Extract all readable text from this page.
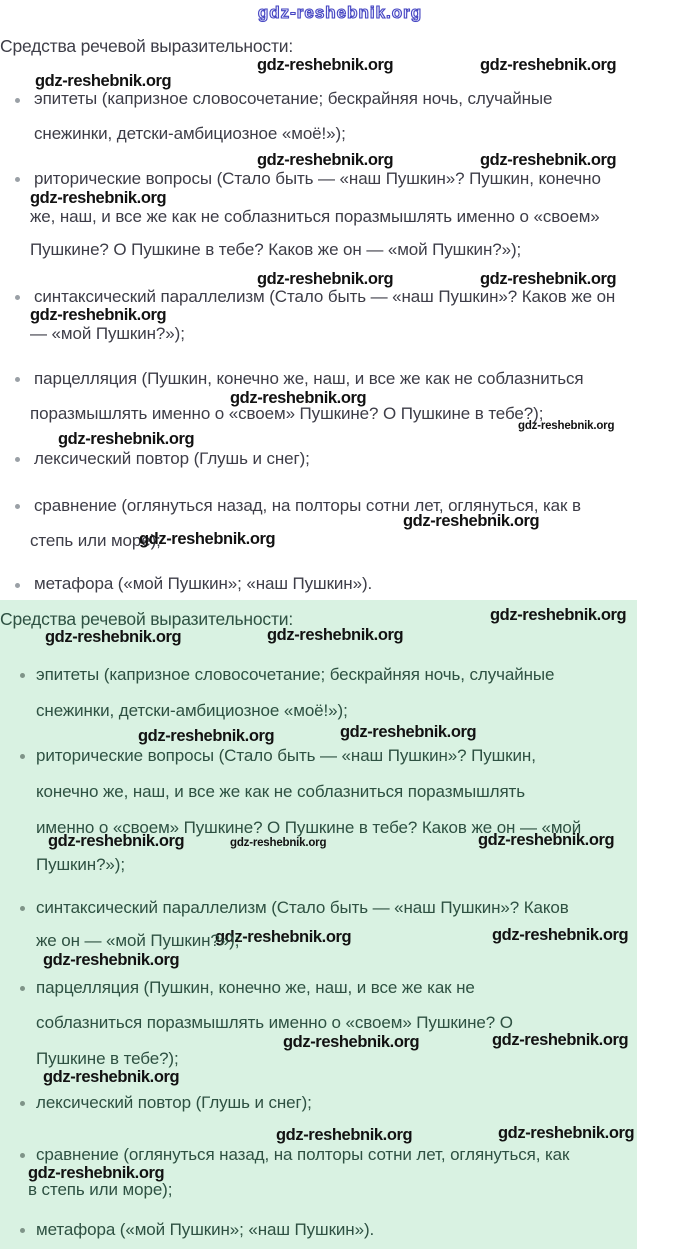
gdz-reshebnik.org
Средства речевой выразительности:
gdz-reshebnik.org	gdz-reshebnik.org
gdz-reshebnik.org
эпитеты (капризное словосочетание; бескрайняя ночь, случайные
снежинки, детски-амбициозное «моё!»);
gdz-reshebnik.org	gdz-reshebnik.org
риторические вопросы (Стало быть — «наш Пушкин»? Пушкин, конечно
gdz-reshebnik.org
же, наш, и все же как не соблазниться поразмышлять именно о «своем»
Пушкине? О Пушкине в тебе? Каков же он — «мой Пушкин?»);
gdz-reshebnik.org	gdz-reshebnik.org
синтаксический параллелизм (Стало быть — «наш Пушкин»? Каков же он
gdz-reshebnik.org
— «мой Пушкин?»);
парцелляция (Пушкин, конечно же, наш, и все же как не соблазниться
gdz-reshebnik.org
поразмышлять именно о «своем» Пушкине? О Пушкине в тебе?);
gdz-reshebnik.org
gdz-reshebnik.org
лексический повтор (Глушь и снег);
сравнение (оглянуться назад, на полторы сотни лет, оглянуться, как в
gdz-reshebnik.org
степь или море);
gdz-reshebnik.org
метафора («мой Пушкин»; «наш Пушкин»).
Средства речевой выразительности:	gdz-reshebnik.org
gdz-reshebnik.org	gdz-reshebnik.org
эпитеты (капризное словосочетание; бескрайняя ночь, случайные
снежинки, детски-амбициозное «моё!»);
gdz-reshebnik.org	gdz-reshebnik.org
риторические вопросы (Стало быть — «наш Пушкин»? Пушкин,
конечно же, наш, и все же как не соблазниться поразмышлять
именно о «своем» Пушкине? О Пушкине в тебе? Каков же он — «мой
gdz-reshebnik.org	gdz-reshebnik.org	gdz-reshebnik.org
Пушкин?»);
синтаксический параллелизм (Стало быть — «наш Пушкин»? Каков
gdz-reshebnik.org	gdz-reshebnik.org
же он — «мой Пушкин?»);
gdz-reshebnik.org
парцелляция (Пушкин, конечно же, наш, и все же как не
соблазниться поразмышлять именно о «своем» Пушкине? О
gdz-reshebnik.org	gdz-reshebnik.org
Пушкине в тебе?);
gdz-reshebnik.org
лексический повтор (Глушь и снег);
gdz-reshebnik.org	gdz-reshebnik.org
сравнение (оглянуться назад, на полторы сотни лет, оглянуться, как
gdz-reshebnik.org
в степь или море);
метафора («мой Пушкин»; «наш Пушкин»).
